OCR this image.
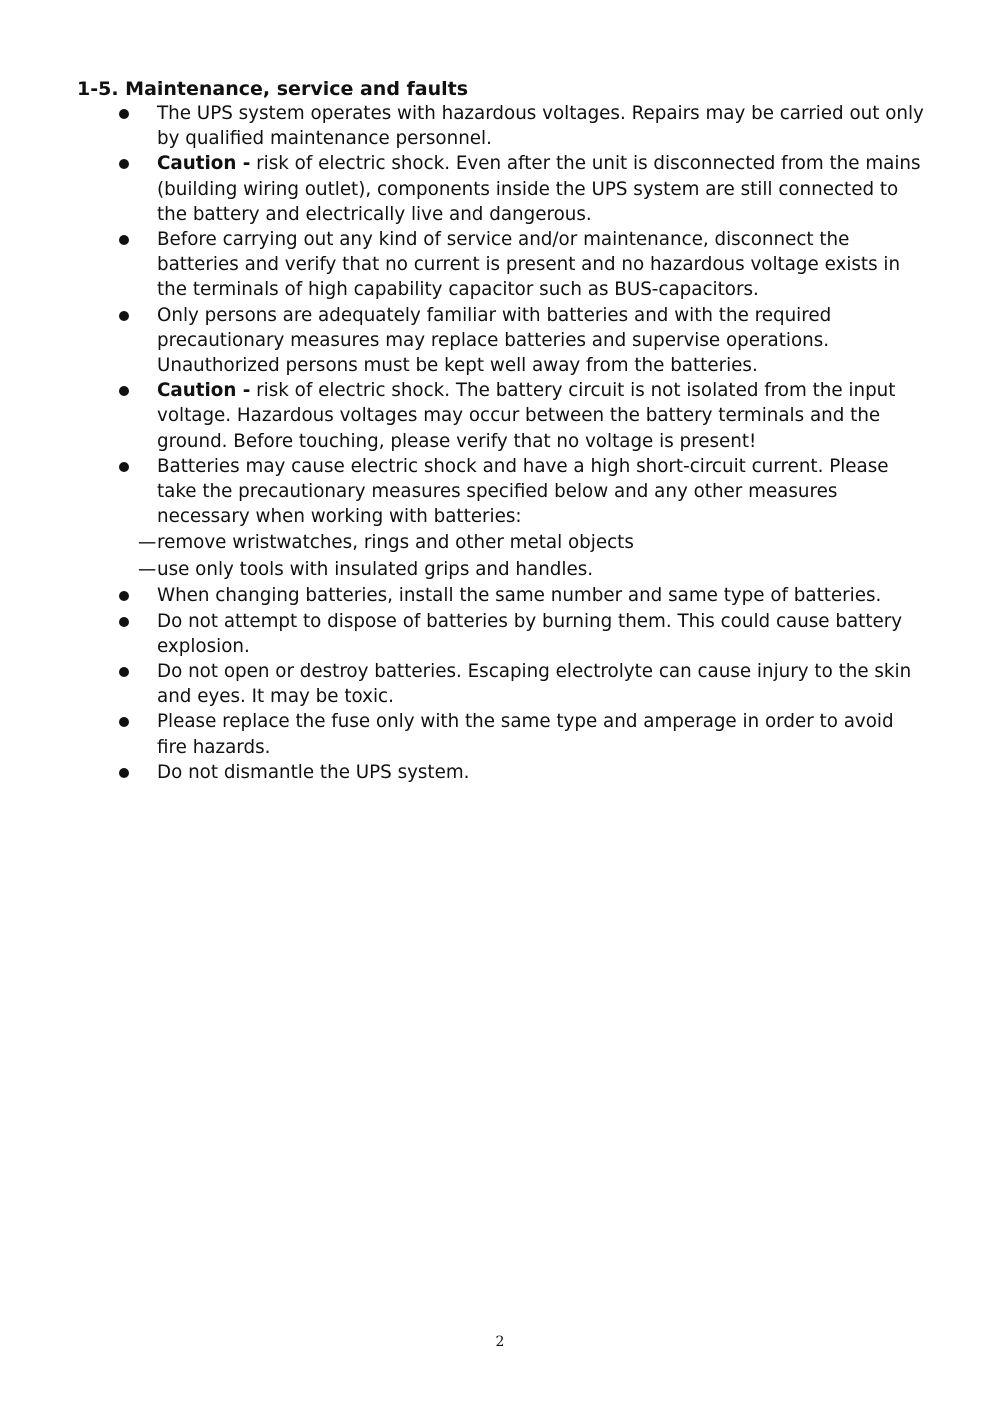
1-5. Maintenance, service and faults
The UPS system operates with hazardous voltages. Repairs may be carried out only by qualified maintenance personnel.
Caution - risk of electric shock. Even after the unit is disconnected from the mains (building wiring outlet), components inside the UPS system are still connected to the battery and electrically live and dangerous.
Before carrying out any kind of service and/or maintenance, disconnect the batteries and verify that no current is present and no hazardous voltage exists in the terminals of high capability capacitor such as BUS-capacitors.
Only persons are adequately familiar with batteries and with the required precautionary measures may replace batteries and supervise operations. Unauthorized persons must be kept well away from the batteries.
Caution - risk of electric shock. The battery circuit is not isolated from the input voltage. Hazardous voltages may occur between the battery terminals and the ground. Before touching, please verify that no voltage is present!
Batteries may cause electric shock and have a high short-circuit current. Please take the precautionary measures specified below and any other measures necessary when working with batteries:
— remove wristwatches, rings and other metal objects
— use only tools with insulated grips and handles.
When changing batteries, install the same number and same type of batteries.
Do not attempt to dispose of batteries by burning them. This could cause battery explosion.
Do not open or destroy batteries. Escaping electrolyte can cause injury to the skin and eyes. It may be toxic.
Please replace the fuse only with the same type and amperage in order to avoid fire hazards.
Do not dismantle the UPS system.
2
